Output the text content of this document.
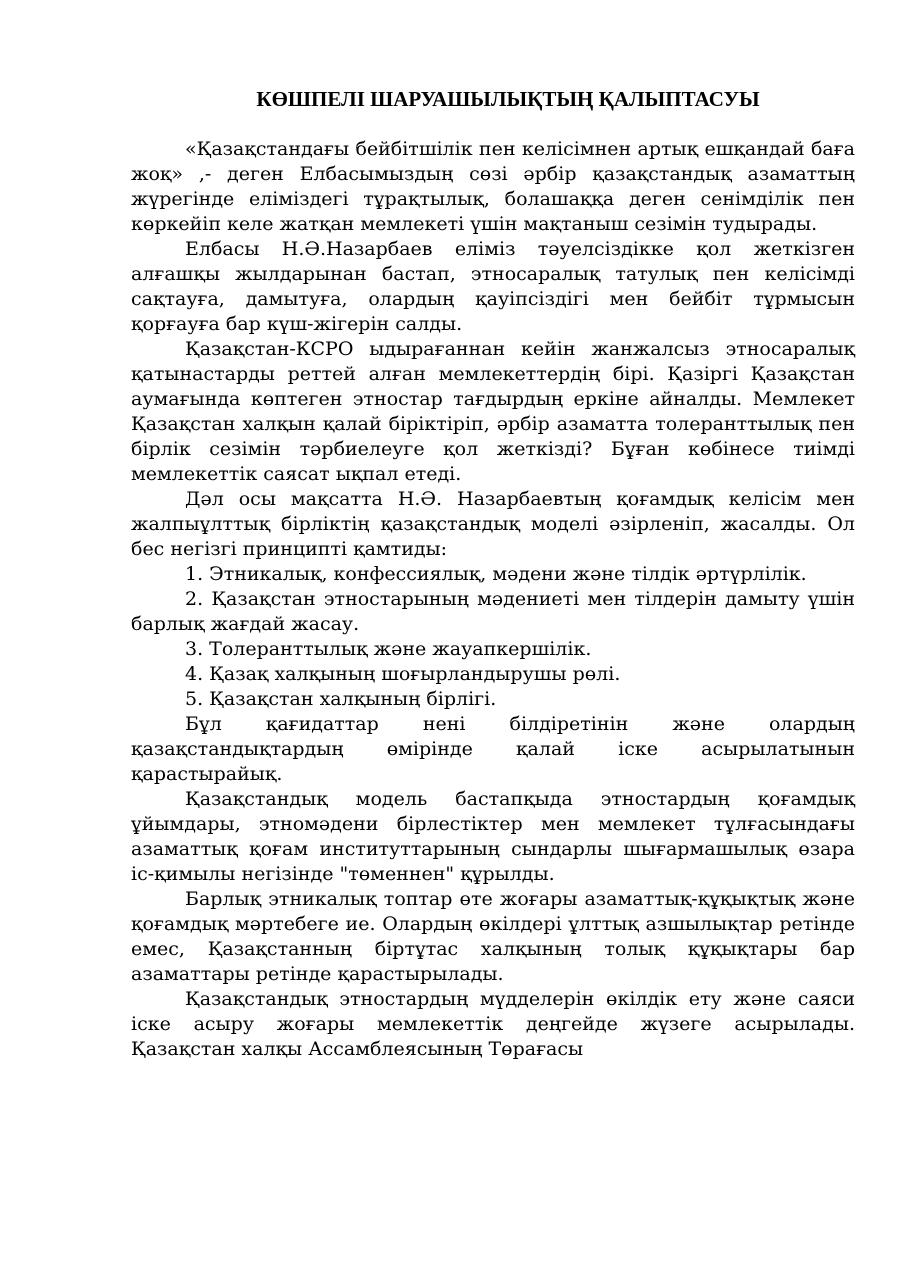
КӨШПЕЛІ ШАРУАШЫЛЫҚТЫҢ ҚАЛЫПТАСУЫ

«Қазақстандағы бейбітшілік пен келісімнен артық ешқандай баға жоқ» ,- деген Елбасымыздың сөзі әрбір қазақстандық азаматтың жүрегінде еліміздегі тұрақтылық, болашаққа деген сенімділік пен көркейіп келе жатқан мемлекеті үшін мақтаныш сезімін тудырады.

Елбасы Н.Ә.Назарбаев еліміз тәуелсіздікке қол жеткізген алғашқы жылдарынан бастап, этносаралық татулық пен келісімді сақтауға, дамытуға, олардың қауіпсіздігі мен бейбіт тұрмысын қорғауға бар күш-жігерін салды.

Қазақстан-КСРО ыдырағаннан кейін жанжалсыз этносаралық қатынастарды реттей алған мемлекеттердің бірі. Қазіргі Қазақстан аумағында көптеген этностар тағдырдың еркіне айналды. Мемлекет Қазақстан халқын қалай біріктіріп, әрбір азаматта толеранттылық пен бірлік сезімін тәрбиелеуге қол жеткізді? Бұған көбінесе тиімді мемлекеттік саясат ықпал етеді.

Дәл осы мақсатта Н.Ә. Назарбаевтың қоғамдық келісім мен жалпыұлттық бірліктің қазақстандық моделі әзірленіп, жасалды. Ол бес негізгі принципті қамтиды:

1. Этникалық, конфессиялық, мәдени және тілдік әртүрлілік.

2. Қазақстан этностарының мәдениеті мен тілдерін дамыту үшін барлық жағдай жасау.

3. Толеранттылық және жауапкершілік.

4. Қазақ халқының шоғырландырушы рөлі.

5. Қазақстан халқының бірлігі.

Бұл қағидаттар нені білдіретінін және олардың қазақстандықтардың өмірінде қалай іске асырылатынын қарастырайық.

Қазақстандық модель бастапқыда этностардың қоғамдық ұйымдары, этномәдени бірлестіктер мен мемлекет тұлғасындағы азаматтық қоғам институттарының сындарлы шығармашылық өзара іс-қимылы негізінде "төменнен" құрылды.

Барлық этникалық топтар өте жоғары азаматтық-құқықтық және қоғамдық мәртебеге ие. Олардың өкілдері ұлттық азшылықтар ретінде емес, Қазақстанның біртұтас халқының толық құқықтары бар азаматтары ретінде қарастырылады.

Қазақстандық этностардың мүдделерін өкілдік ету және саяси іске асыру жоғары мемлекеттік деңгейде жүзеге асырылады. Қазақстан халқы Ассамблеясының Төрағасы
